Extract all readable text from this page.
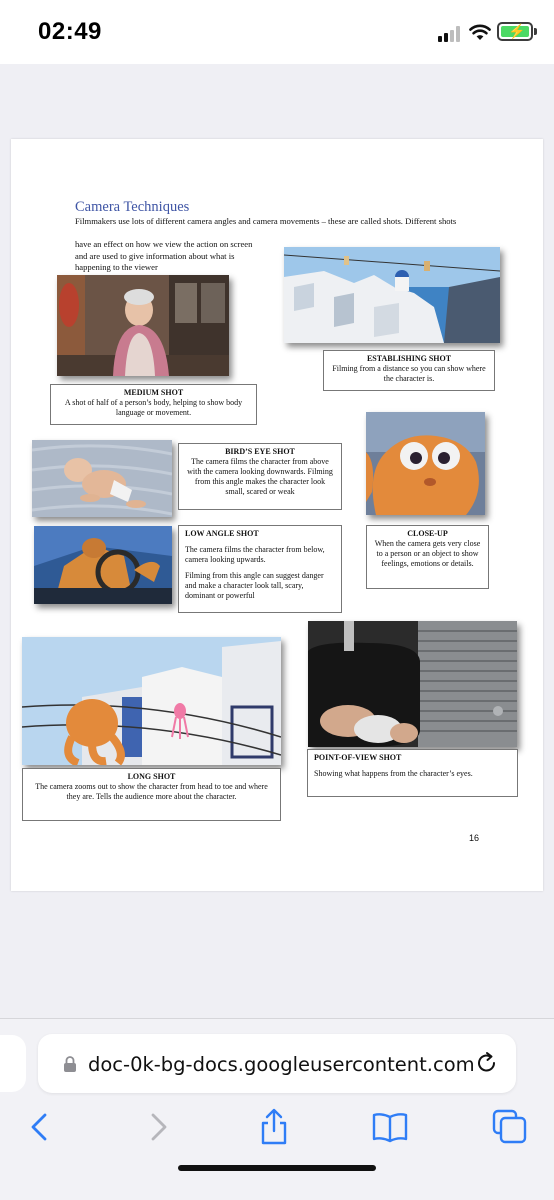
02:49	⚡
Camera Techniques
Filmmakers use lots of different camera angles and camera movements – these are called shots. Different shots
have an effect on how we view the action on screen
and are used to give information about what is
happening to the viewer
MEDIUM SHOT
A shot of half of a person’s body, helping to show body language or movement.
ESTABLISHING SHOT
Filming from a distance so you can show where the character is.
BIRD’S EYE SHOT
The camera films the character from above with the camera looking downwards. Filming from this angle makes the character look small, scared or weak
CLOSE-UP
When the camera gets very close to a person or an object to show feelings, emotions or details.
LOW ANGLE SHOT
The camera films the character from below, camera looking upwards.
Filming from this angle can suggest danger and make a character look tall, scary, dominant or powerful
LONG SHOT
The camera zooms out to show the character from head to toe and where they are. Tells the audience more about the character.
POINT-OF-VIEW SHOT
Showing what happens from the character’s eyes.
16
doc-0k-bg-docs.googleusercontent.com
